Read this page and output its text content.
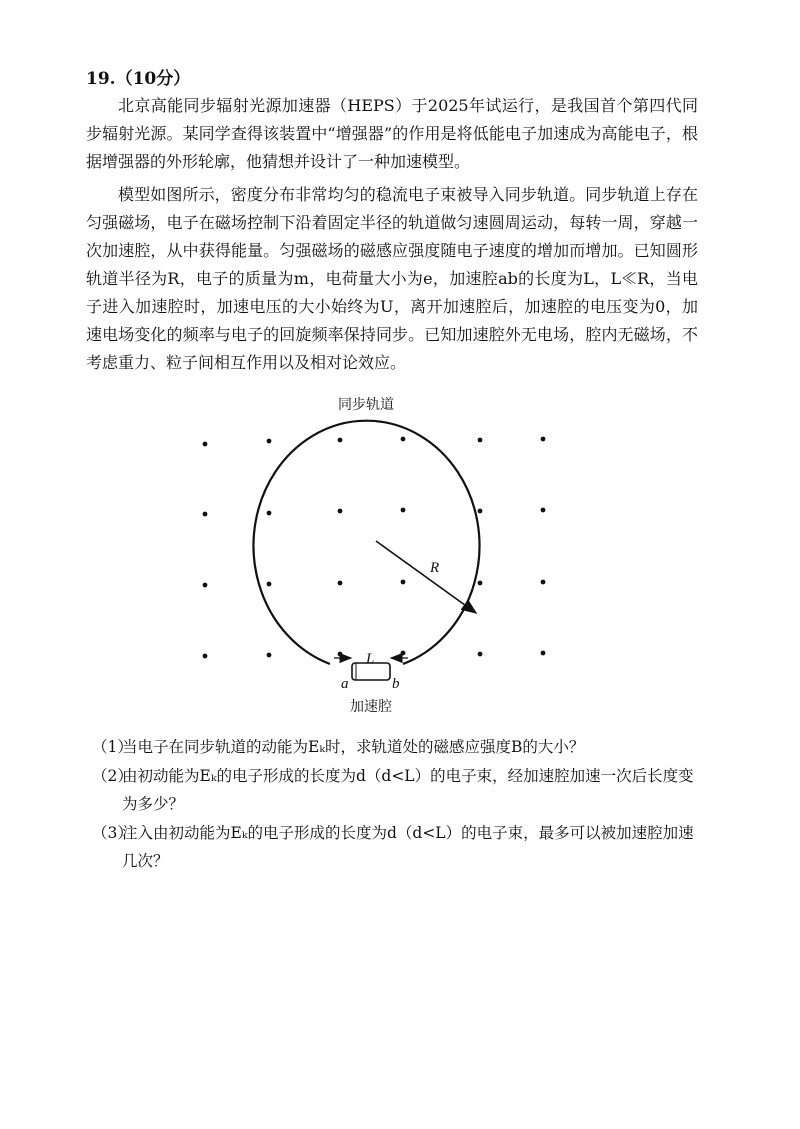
19.（10分）

北京高能同步辐射光源加速器（HEPS）于2025年试运行，是我国首个第四代同步辐射光源。某同学查得该装置中“增强器”的作用是将低能电子加速成为高能电子，根据增强器的外形轮廓，他猜想并设计了一种加速模型。

模型如图所示，密度分布非常均匀的稳流电子束被导入同步轨道。同步轨道上存在匀强磁场，电子在磁场控制下沿着固定半径的轨道做匀速圆周运动，每转一周，穿越一次加速腔，从中获得能量。匀强磁场的磁感应强度随电子速度的增加而增加。已知圆形轨道半径为R，电子的质量为m，电荷量大小为e，加速腔ab的长度为L，L≪R，当电子进入加速腔时，加速电压的大小始终为U，离开加速腔后，加速腔的电压变为0，加速电场变化的频率与电子的回旋频率保持同步。已知加速腔外无电场，腔内无磁场，不考虑重力、粒子间相互作用以及相对论效应。

同步轨道
R
L
a	b
加速腔

（1）当电子在同步轨道的动能为Eₖ时，求轨道处的磁感应强度B的大小？

（2）由初动能为Eₖ的电子形成的长度为d（d<L）的电子束，经加速腔加速一次后长度变
为多少？

（3）注入由初动能为Eₖ的电子形成的长度为d（d<L）的电子束，最多可以被加速腔加速
几次？
